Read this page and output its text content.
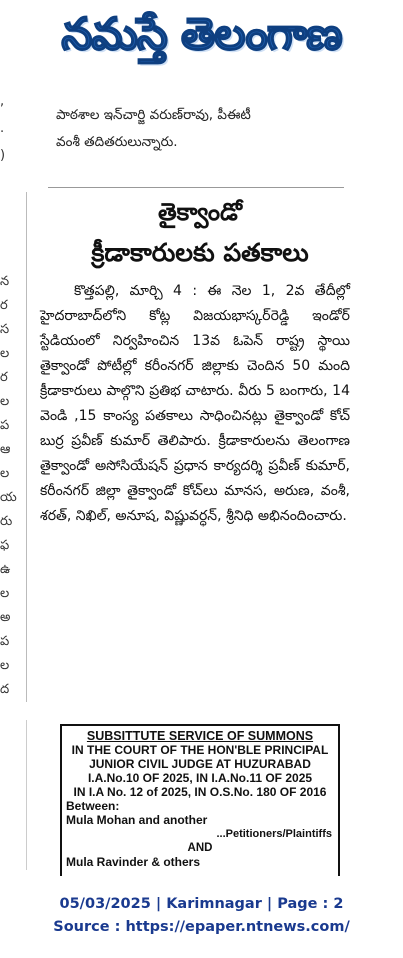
నమస్తే తెలంగాణ
,
.
)

పాఠశాల ఇన్‌చార్జి వరుణ్‌రావు, పీఈటీ
వంశీ తదితరులున్నారు.
న
ర
స
ల
ర
ల
ప
ఆ
ల
య
రు
ఫ
ఉ
ల
అ
ప
ల
ద
తైక్వాండో
క్రీడాకారులకు పతకాలు

కొత్తపల్లి, మార్చి 4 : ఈ నెల 1, 2వ తేదీల్లో హైదరాబాద్‌లోని కోట్ల విజయభాస్కర్‌రెడ్డి ఇండోర్‌ స్టేడియంలో నిర్వహించిన 13వ ఓపెన్‌ రాష్ట్ర స్థాయి తైక్వాండో పోటీల్లో కరీంనగర్‌ జిల్లాకు చెందిన 50 మంది క్రీడాకారులు పాల్గొని ప్రతిభ చాటారు. వీరు 5 బంగారు, 14 వెండి ,15 కాంస్య పతకాలు సాధించినట్లు తైక్వాండో కోచ్‌ బుర్ర ప్రవీణ్‌ కుమార్‌ తెలిపారు. క్రీడాకారులను తెలంగాణ తైక్వాండో అసోసియేషన్‌ ప్రధాన కార్యదర్శి ప్రవీణ్‌ కుమార్‌, కరీంనగర్‌ జిల్లా తైక్వాండో కోచ్‌లు మానస, అరుణ, వంశీ, శరత్‌, నిఖిల్‌, అనూష, విష్ణువర్ధన్‌, శ్రీనిధి అభినందించారు.

SUBSITTUTE SERVICE OF SUMMONS
IN THE COURT OF THE HON'BLE PRINCIPAL
JUNIOR CIVIL JUDGE AT HUZURABAD
I.A.No.10 OF 2025, IN I.A.No.11 OF 2025
IN I.A No. 12 of 2025, IN O.S.No. 180 OF 2016
Between:
Mula Mohan and another
...Petitioners/Plaintiffs
AND
Mula Ravinder & others
05/03/2025 | Karimnagar | Page : 2
Source : https://epaper.ntnews.com/
